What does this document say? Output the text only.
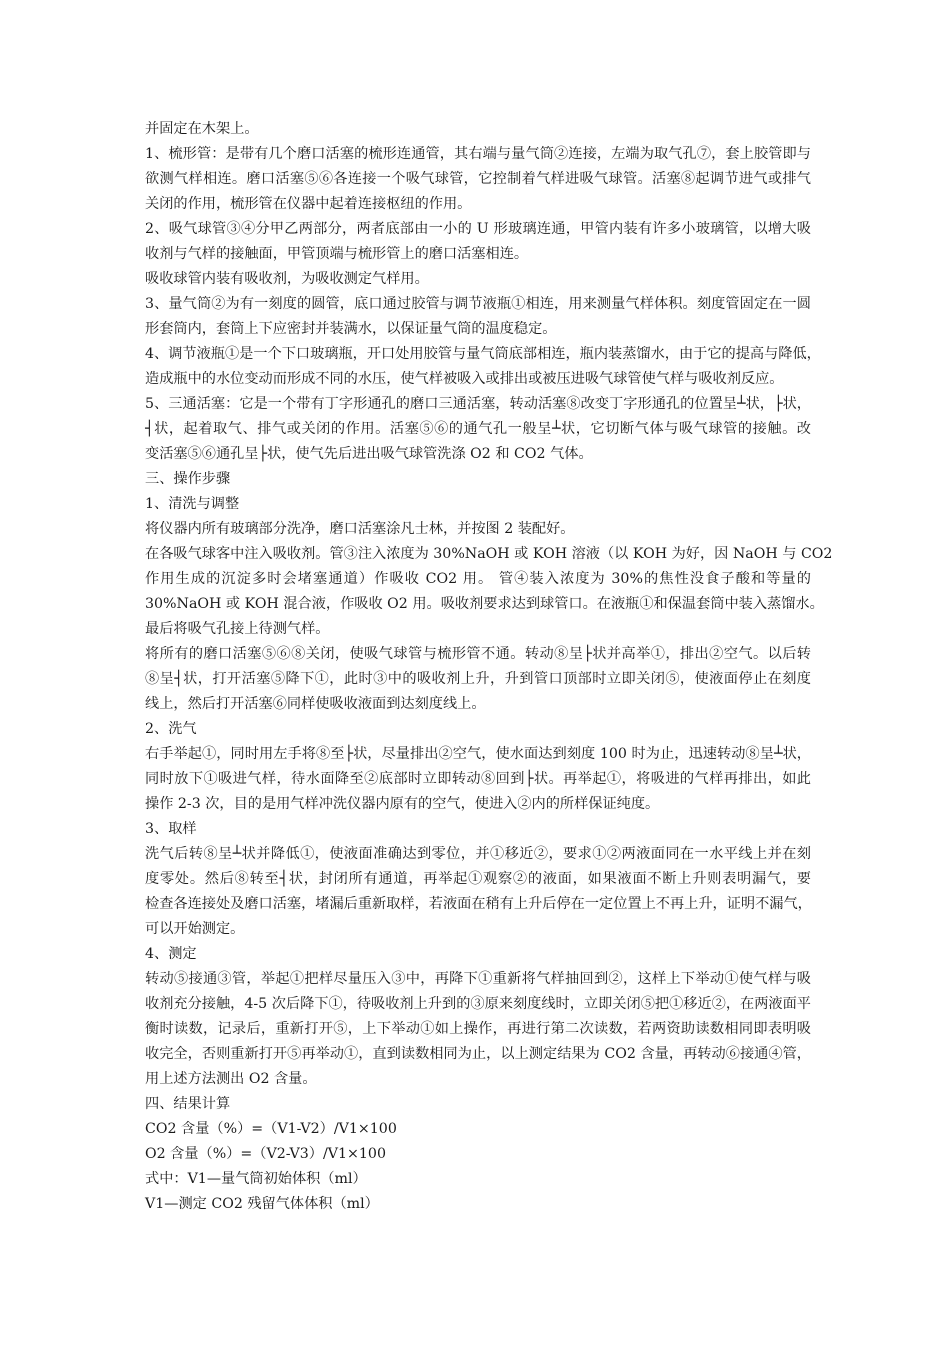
并固定在木架上。
1、梳形管：是带有几个磨口活塞的梳形连通管，其右端与量气筒②连接，左端为取气孔⑦，套上胶管即与
欲测气样相连。磨口活塞⑤⑥各连接一个吸气球管，它控制着气样进吸气球管。活塞⑧起调节进气或排气
关闭的作用，梳形管在仪器中起着连接枢纽的作用。
2、吸气球管③④分甲乙两部分，两者底部由一小的 U 形玻璃连通，甲管内装有许多小玻璃管，以增大吸
收剂与气样的接触面，甲管顶端与梳形管上的磨口活塞相连。
吸收球管内装有吸收剂，为吸收测定气样用。
3、量气筒②为有一刻度的圆管，底口通过胶管与调节液瓶①相连，用来测量气样体积。刻度管固定在一圆
形套筒内，套筒上下应密封并装满水，以保证量气筒的温度稳定。
4、调节液瓶①是一个下口玻璃瓶，开口处用胶管与量气筒底部相连，瓶内装蒸馏水，由于它的提高与降低，
造成瓶中的水位变动而形成不同的水压，使气样被吸入或排出或被压进吸气球管使气样与吸收剂反应。
5、三通活塞：它是一个带有丁字形通孔的磨口三通活塞，转动活塞⑧改变丁字形通孔的位置呈┴状，├状，
┤状，起着取气、排气或关闭的作用。活塞⑤⑥的通气孔一般呈┴状，它切断气体与吸气球管的接触。改
变活塞⑤⑥通孔呈├状，使气先后进出吸气球管洗涤 O2 和 CO2 气体。
三、操作步骤
1、清洗与调整
将仪器内所有玻璃部分洗净，磨口活塞涂凡士林，并按图 2 装配好。
在各吸气球客中注入吸收剂。管③注入浓度为 30%NaOH 或 KOH 溶液（以 KOH 为好，因 NaOH 与 CO2
作用生成的沉淀多时会堵塞通道）作吸收 CO2 用。 管④装入浓度为 30%的焦性没食子酸和等量的
30%NaOH 或 KOH 混合液，作吸收 O2 用。吸收剂要求达到球管口。在液瓶①和保温套筒中装入蒸馏水。
最后将吸气孔接上待测气样。
将所有的磨口活塞⑤⑥⑧关闭，使吸气球管与梳形管不通。转动⑧呈├状并高举①，排出②空气。以后转
⑧呈┤状，打开活塞⑤降下①，此时③中的吸收剂上升，升到管口顶部时立即关闭⑤，使液面停止在刻度
线上，然后打开活塞⑥同样使吸收液面到达刻度线上。
2、洗气
右手举起①，同时用左手将⑧至├状，尽量排出②空气，使水面达到刻度 100 时为止，迅速转动⑧呈┴状，
同时放下①吸进气样，待水面降至②底部时立即转动⑧回到├状。再举起①，将吸进的气样再排出，如此
操作 2-3 次，目的是用气样冲洗仪器内原有的空气，使进入②内的所样保证纯度。
3、取样
洗气后转⑧呈┴状并降低①，使液面准确达到零位，并①移近②，要求①②两液面同在一水平线上并在刻
度零处。然后⑧转至┤状，封闭所有通道，再举起①观察②的液面，如果液面不断上升则表明漏气，要
检查各连接处及磨口活塞，堵漏后重新取样，若液面在稍有上升后停在一定位置上不再上升，证明不漏气，
可以开始测定。
4、测定
转动⑤接通③管，举起①把样尽量压入③中，再降下①重新将气样抽回到②，这样上下举动①使气样与吸
收剂充分接触，4-5 次后降下①，待吸收剂上升到的③原来刻度线时，立即关闭⑤把①移近②，在两液面平
衡时读数，记录后，重新打开⑤，上下举动①如上操作，再进行第二次读数，若两资助读数相同即表明吸
收完全，否则重新打开⑤再举动①，直到读数相同为止，以上测定结果为 CO2 含量，再转动⑥接通④管，
用上述方法测出 O2 含量。
四、结果计算
CO2 含量（%）=（V1-V2）/V1×100
O2 含量（%）=（V2-V3）/V1×100
式中：V1—量气筒初始体积（ml）
V1—测定 CO2 残留气体体积（ml）
